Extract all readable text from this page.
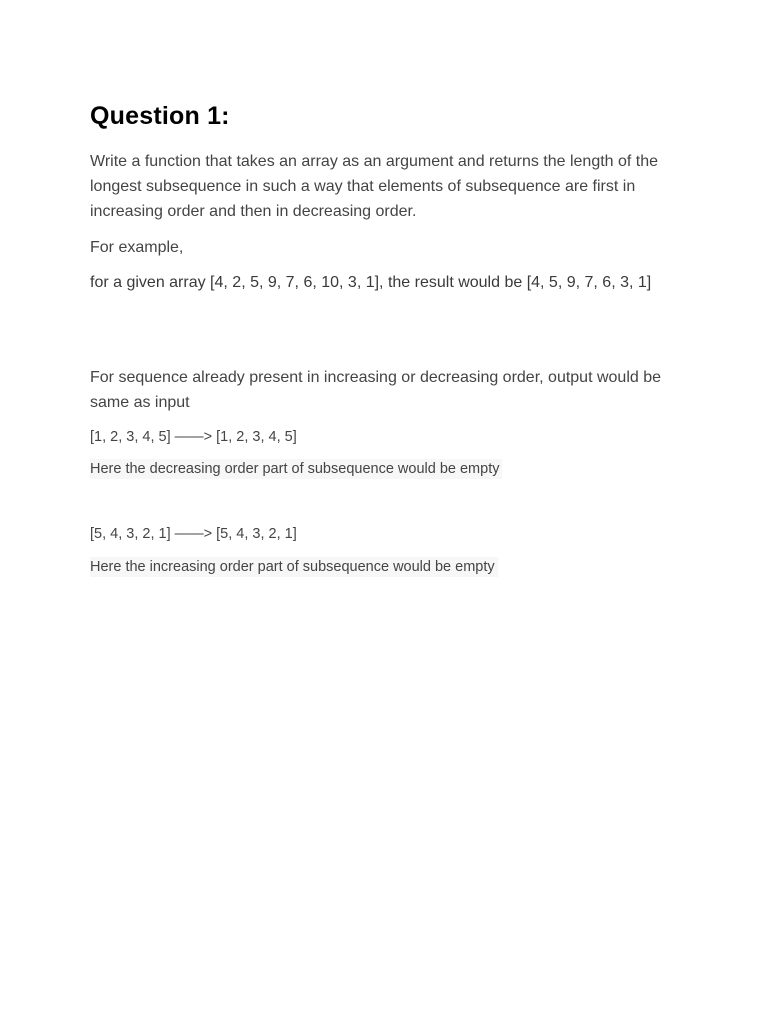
Question 1:

Write a function that takes an array as an argument and returns the length of the longest subsequence in such a way that elements of subsequence are first in increasing order and then in decreasing order.

For example,

for a given array [4, 2, 5, 9, 7, 6, 10, 3, 1], the result would be [4, 5, 9, 7, 6, 3, 1]

For sequence already present in increasing or decreasing order, output would be same as input

[1, 2, 3, 4, 5] ——> [1, 2, 3, 4, 5]

Here the decreasing order part of subsequence would be empty

[5, 4, 3, 2, 1] ——> [5, 4, 3, 2, 1]

Here the increasing order part of subsequence would be empty
